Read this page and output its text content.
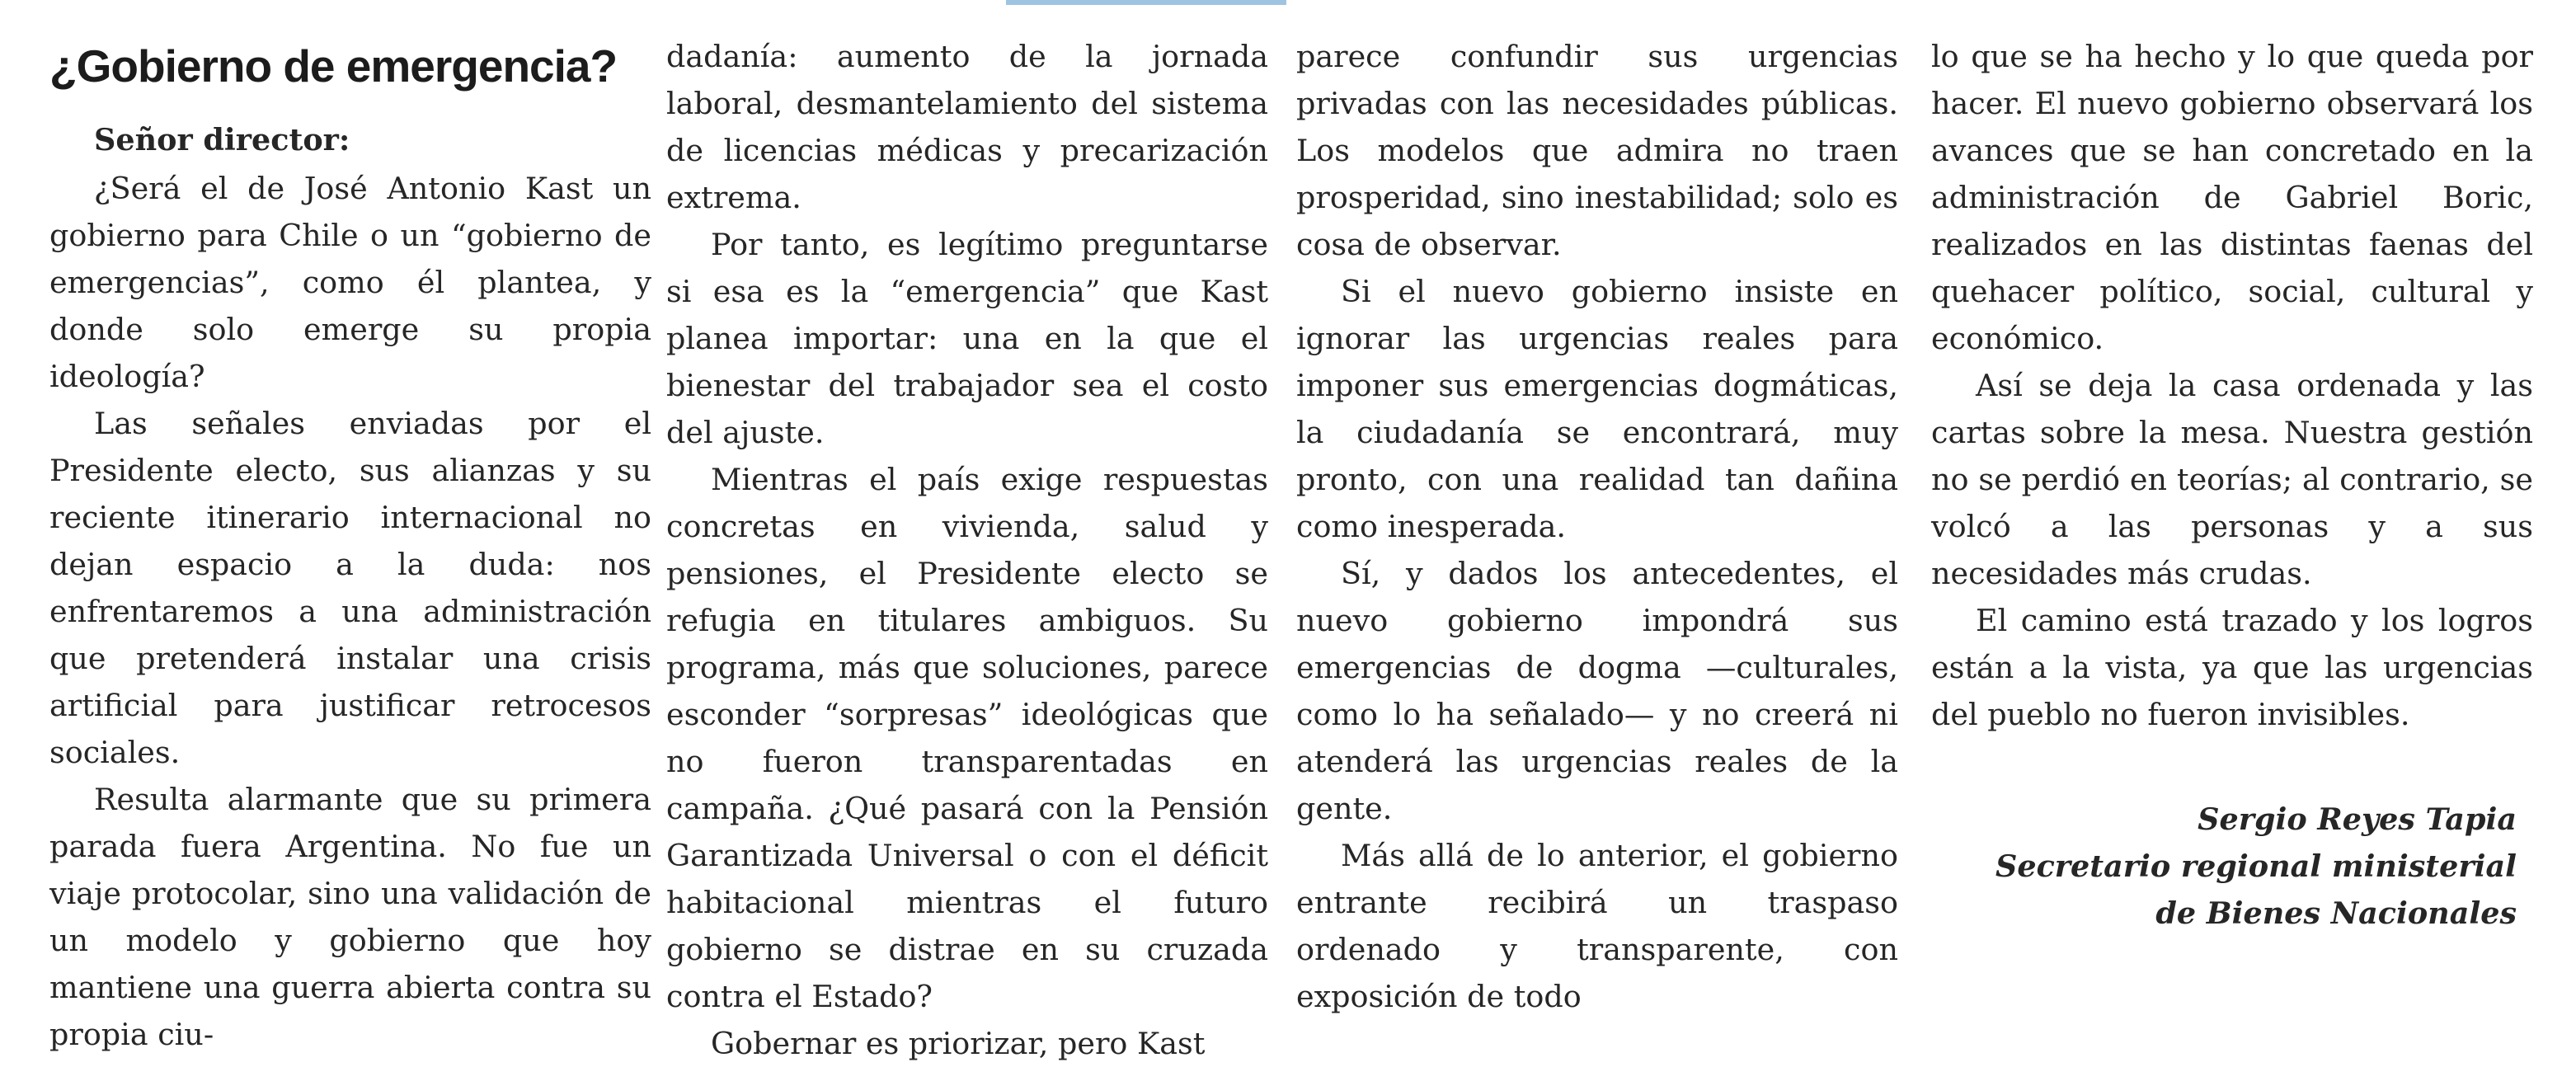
¿Gobierno de emergencia?
Señor director:

¿Será el de José Antonio Kast un gobierno para Chile o un “gobierno de emergencias”, como él plantea, y donde solo emerge su propia ideología?

Las señales enviadas por el Presidente electo, sus alianzas y su reciente itinerario internacional no dejan espacio a la duda: nos enfrentaremos a una administración que pretenderá instalar una crisis artificial para justificar retrocesos sociales.

Resulta alarmante que su primera parada fuera Argentina. No fue un viaje protocolar, sino una validación de un modelo y gobierno que hoy mantiene una guerra abierta contra su propia ciu-

dadanía: aumento de la jornada laboral, desmantelamiento del sistema de licencias médicas y precarización extrema.

Por tanto, es legítimo preguntarse si esa es la “emergencia” que Kast planea importar: una en la que el bienestar del trabajador sea el costo del ajuste.

Mientras el país exige respuestas concretas en vivienda, salud y pensiones, el Presidente electo se refugia en titulares ambiguos. Su programa, más que soluciones, parece esconder “sorpresas” ideológicas que no fueron transparentadas en campaña. ¿Qué pasará con la Pensión Garantizada Universal o con el déficit habitacional mientras el futuro gobierno se distrae en su cruzada contra el Estado?

Gobernar es priorizar, pero Kast

parece confundir sus urgencias privadas con las necesidades públicas. Los modelos que admira no traen prosperidad, sino inestabilidad; solo es cosa de observar.

Si el nuevo gobierno insiste en ignorar las urgencias reales para imponer sus emergencias dogmáticas, la ciudadanía se encontrará, muy pronto, con una realidad tan dañina como inesperada.

Sí, y dados los antecedentes, el nuevo gobierno impondrá sus emergencias de dogma —culturales, como lo ha señalado— y no creerá ni atenderá las urgencias reales de la gente.

Más allá de lo anterior, el gobierno entrante recibirá un traspaso ordenado y transparente, con exposición de todo

lo que se ha hecho y lo que queda por hacer. El nuevo gobierno observará los avances que se han concretado en la administración de Gabriel Boric, realizados en las distintas faenas del quehacer político, social, cultural y económico.

Así se deja la casa ordenada y las cartas sobre la mesa. Nuestra gestión no se perdió en teorías; al contrario, se volcó a las personas y a sus necesidades más crudas.

El camino está trazado y los logros están a la vista, ya que las urgencias del pueblo no fueron invisibles.

Sergio Reyes Tapia
Secretario regional ministerial
de Bienes Nacionales
